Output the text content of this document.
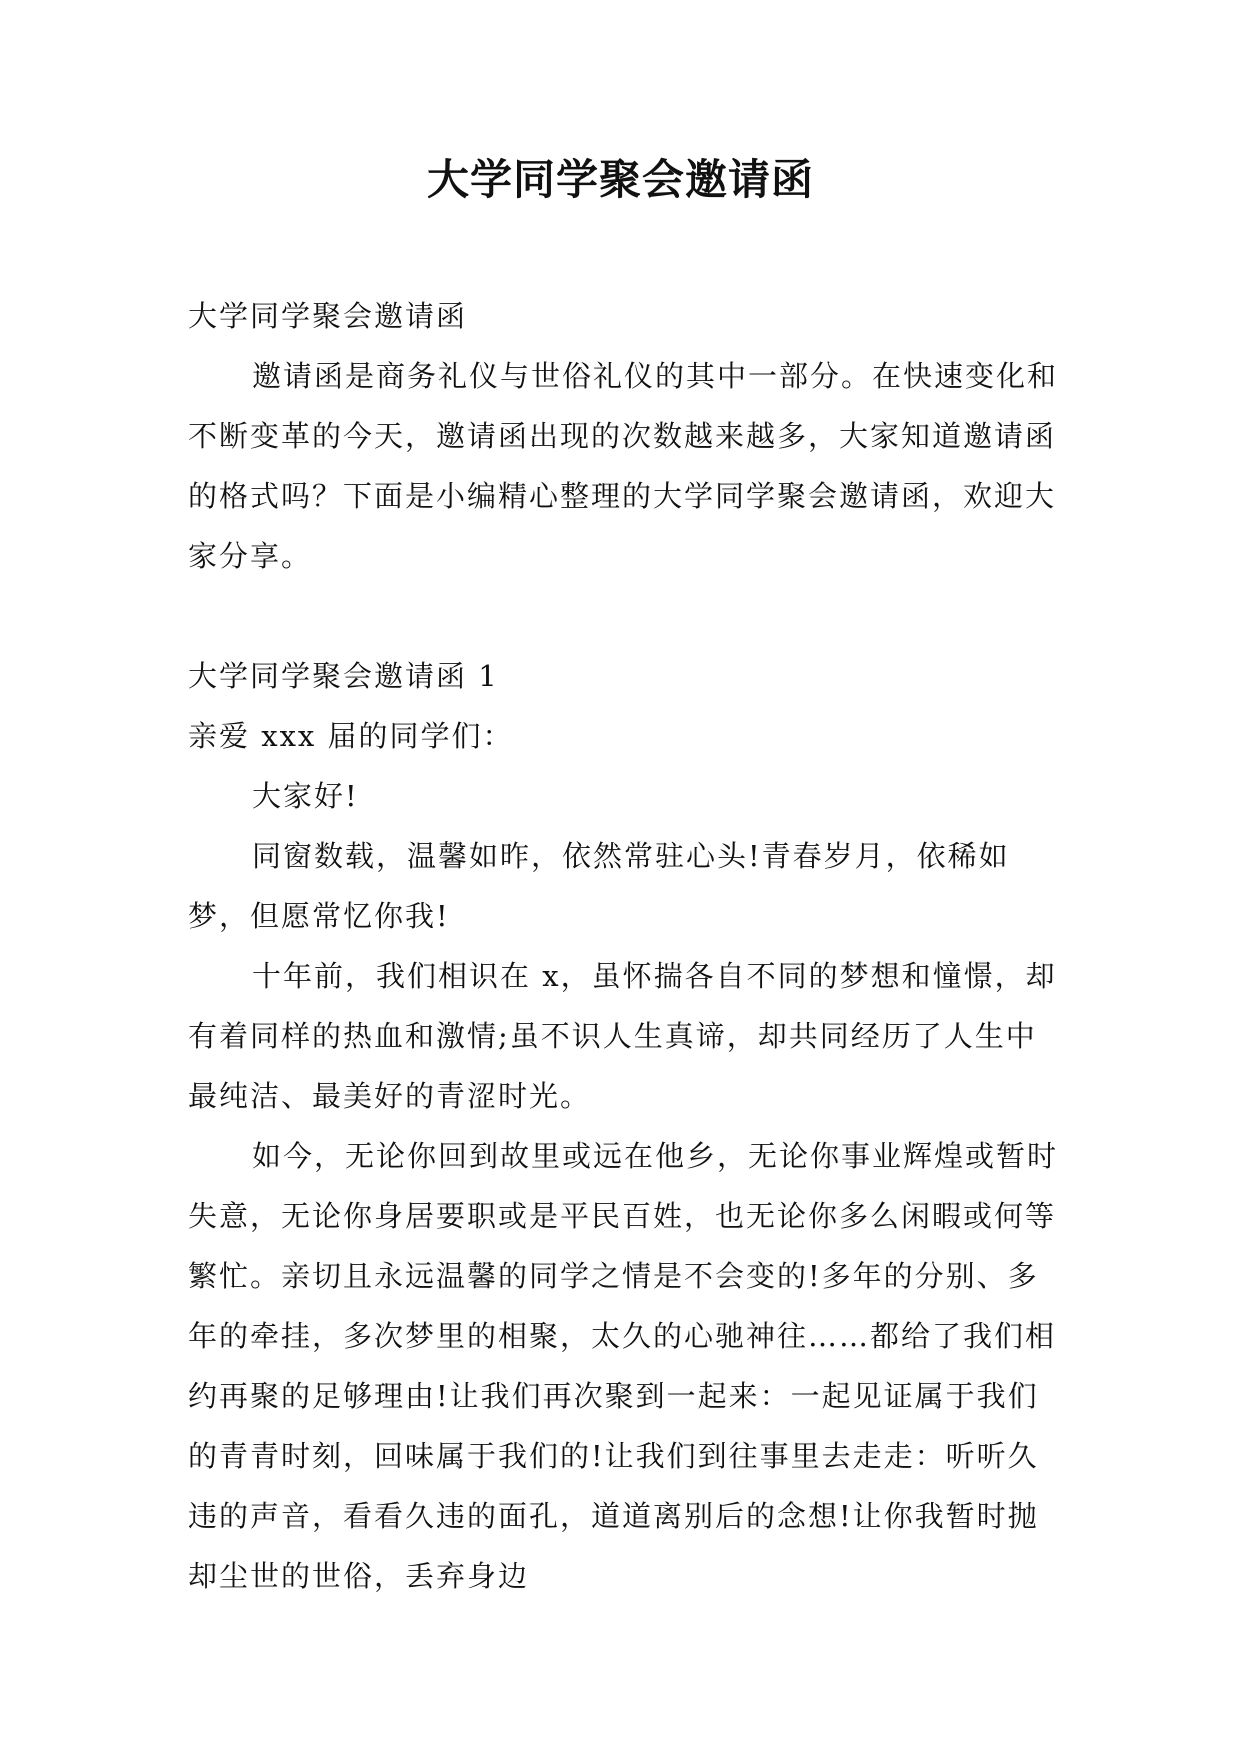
大学同学聚会邀请函

大学同学聚会邀请函

邀请函是商务礼仪与世俗礼仪的其中一部分。在快速变化和不断变革的今天，邀请函出现的次数越来越多，大家知道邀请函的格式吗？下面是小编精心整理的大学同学聚会邀请函，欢迎大家分享。

大学同学聚会邀请函 1

亲爱 xxx 届的同学们：

大家好!

同窗数载，温馨如昨，依然常驻心头!青春岁月，依稀如梦，但愿常忆你我!

十年前，我们相识在 x，虽怀揣各自不同的梦想和憧憬，却有着同样的热血和激情;虽不识人生真谛，却共同经历了人生中最纯洁、最美好的青涩时光。

如今，无论你回到故里或远在他乡，无论你事业辉煌或暂时失意，无论你身居要职或是平民百姓，也无论你多么闲暇或何等繁忙。亲切且永远温馨的同学之情是不会变的!多年的分别、多年的牵挂，多次梦里的相聚，太久的心驰神往……都给了我们相约再聚的足够理由!让我们再次聚到一起来：一起见证属于我们的青青时刻，回味属于我们的!让我们到往事里去走走：听听久违的声音，看看久违的面孔，道道离别后的念想!让你我暂时抛却尘世的世俗，丢弃身边
